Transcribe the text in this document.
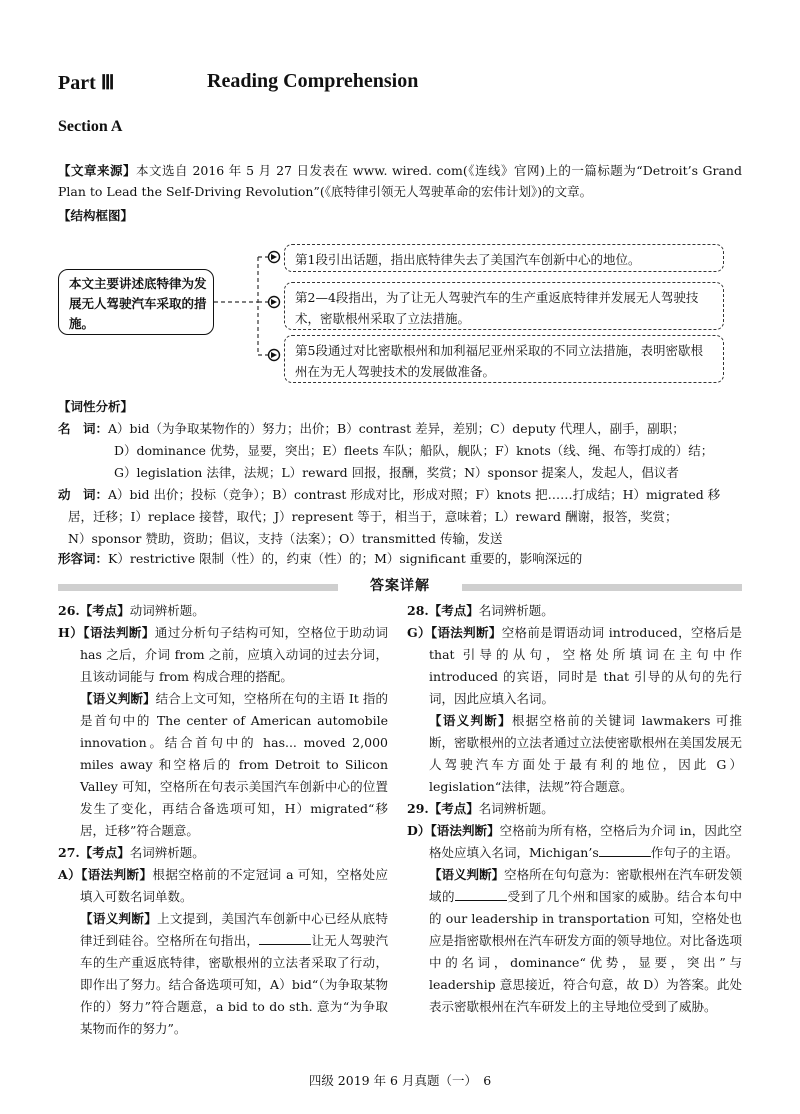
Part Ⅲ	Reading Comprehension
Section A
【文章来源】本文选自 2016 年 5 月 27 日发表在 www. wired. com(《连线》官网)上的一篇标题为“Detroit’s Grand Plan to Lead the Self-Driving Revolution”(《底特律引领无人驾驶革命的宏伟计划》)的文章。
【结构框图】
本文主要讲述底特律为发展无人驾驶汽车采取的措施。
第1段引出话题，指出底特律失去了美国汽车创新中心的地位。
第2—4段指出，为了让无人驾驶汽车的生产重返底特律并发展无人驾驶技术，密歇根州采取了立法措施。
第5段通过对比密歇根州和加利福尼亚州采取的不同立法措施，表明密歇根州在为无人驾驶技术的发展做准备。
【词性分析】
名　词：A）bid（为争取某物作的）努力；出价；B）contrast 差异，差别；C）deputy 代理人，副手，副职；
D）dominance 优势，显要，突出；E）fleets 车队；船队，舰队；F）knots（线、绳、布等打成的）结；
G）legislation 法律，法规；L）reward 回报，报酬，奖赏；N）sponsor 提案人，发起人，倡议者
动　词：A）bid 出价；投标（竞争）；B）contrast 形成对比，形成对照；F）knots 把……打成结；H）migrated 移
居，迁移；I）replace 接替，取代；J）represent 等于，相当于，意味着；L）reward 酬谢，报答，奖赏；
N）sponsor 赞助，资助；倡议，支持（法案）；O）transmitted 传输，发送
形容词：K）restrictive 限制（性）的，约束（性）的；M）significant 重要的，影响深远的
答案详解
26.【考点】动词辨析题。
H）【语法判断】通过分析句子结构可知，空格位于助动词 has 之后，介词 from 之前，应填入动词的过去分词，且该动词能与 from 构成合理的搭配。
【语义判断】结合上文可知，空格所在句的主语 It 指的是首句中的 The center of American automobile innovation。结合首句中的 has... moved 2,000 miles away 和空格后的 from Detroit to Silicon Valley 可知，空格所在句表示美国汽车创新中心的位置发生了变化，再结合备选项可知，H）migrated“移居，迁移”符合题意。
27.【考点】名词辨析题。
A）【语法判断】根据空格前的不定冠词 a 可知，空格处应填入可数名词单数。
【语义判断】上文提到，美国汽车创新中心已经从底特律迁到硅谷。空格所在句指出，	让无人驾驶汽车的生产重返底特律，密歇根州的立法者采取了行动，即作出了努力。结合备选项可知，A）bid“（为争取某物作的）努力”符合题意，a bid to do sth. 意为“为争取某物而作的努力”。
28.【考点】名词辨析题。
G）【语法判断】空格前是谓语动词 introduced，空格后是 that 引导的从句，空格处所填词在主句中作 introduced 的宾语，同时是 that 引导的从句的先行词，因此应填入名词。
【语义判断】根据空格前的关键词 lawmakers 可推断，密歇根州的立法者通过立法使密歇根州在美国发展无人驾驶汽车方面处于最有利的地位，因此 G）legislation“法律，法规”符合题意。
29.【考点】名词辨析题。
D）【语法判断】空格前为所有格，空格后为介词 in，因此空格处应填入名词，Michigan’s	作句子的主语。
【语义判断】空格所在句句意为：密歇根州在汽车研发领域的	受到了几个州和国家的威胁。结合本句中的 our leadership in transportation 可知，空格处也应是指密歇根州在汽车研发方面的领导地位。对比备选项中的名词，dominance“优势，显要，突出”与 leadership 意思接近，符合句意，故 D）为答案。此处表示密歇根州在汽车研发上的主导地位受到了威胁。
四级 2019 年 6 月真题（一）　6
